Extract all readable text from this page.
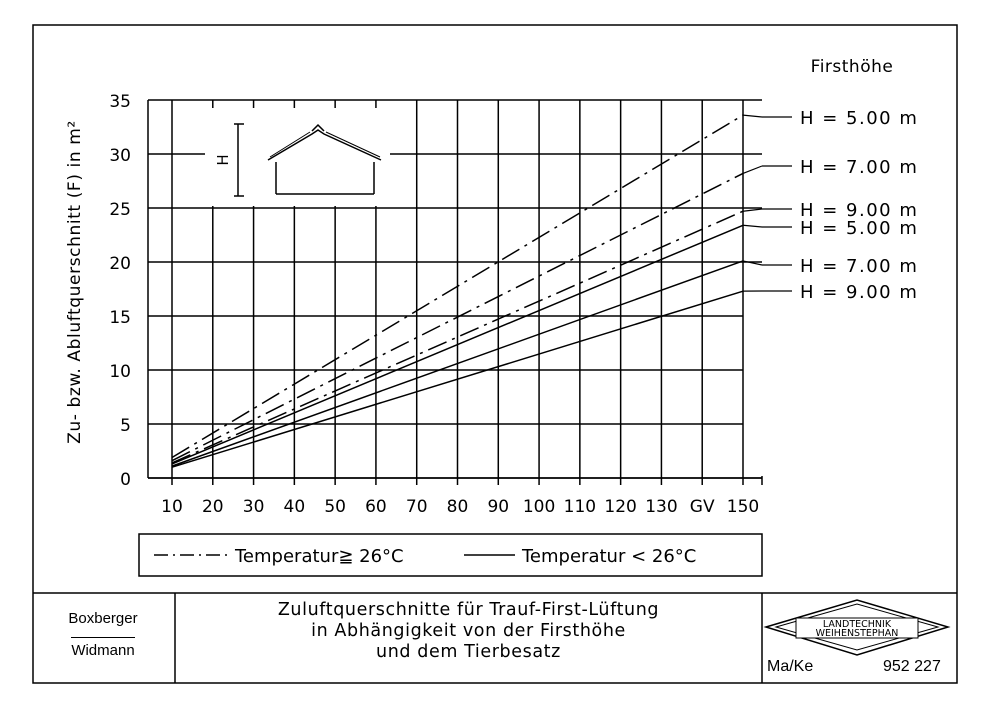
H
10 20 30 40 50 60 70 80 90 100 110 120 130 GV 150
0
5
10
15
20
25
30
35
Firsthöhe
H = 5.00 m
H = 7.00 m
H = 9.00 m
H = 5.00 m
H = 7.00 m
H = 9.00 m
Zu- bzw. Abluftquerschnitt (F) in m²
Temperatur≧ 26°C	Temperatur < 26°C
LANDTECHNIK
WEIHENSTEPHAN
Boxberger
Widmann
Zuluftquerschnitte für Trauf-First-Lüftung
in Abhängigkeit von der Firsthöhe
und dem Tierbesatz
Ma/Ke	952 227
